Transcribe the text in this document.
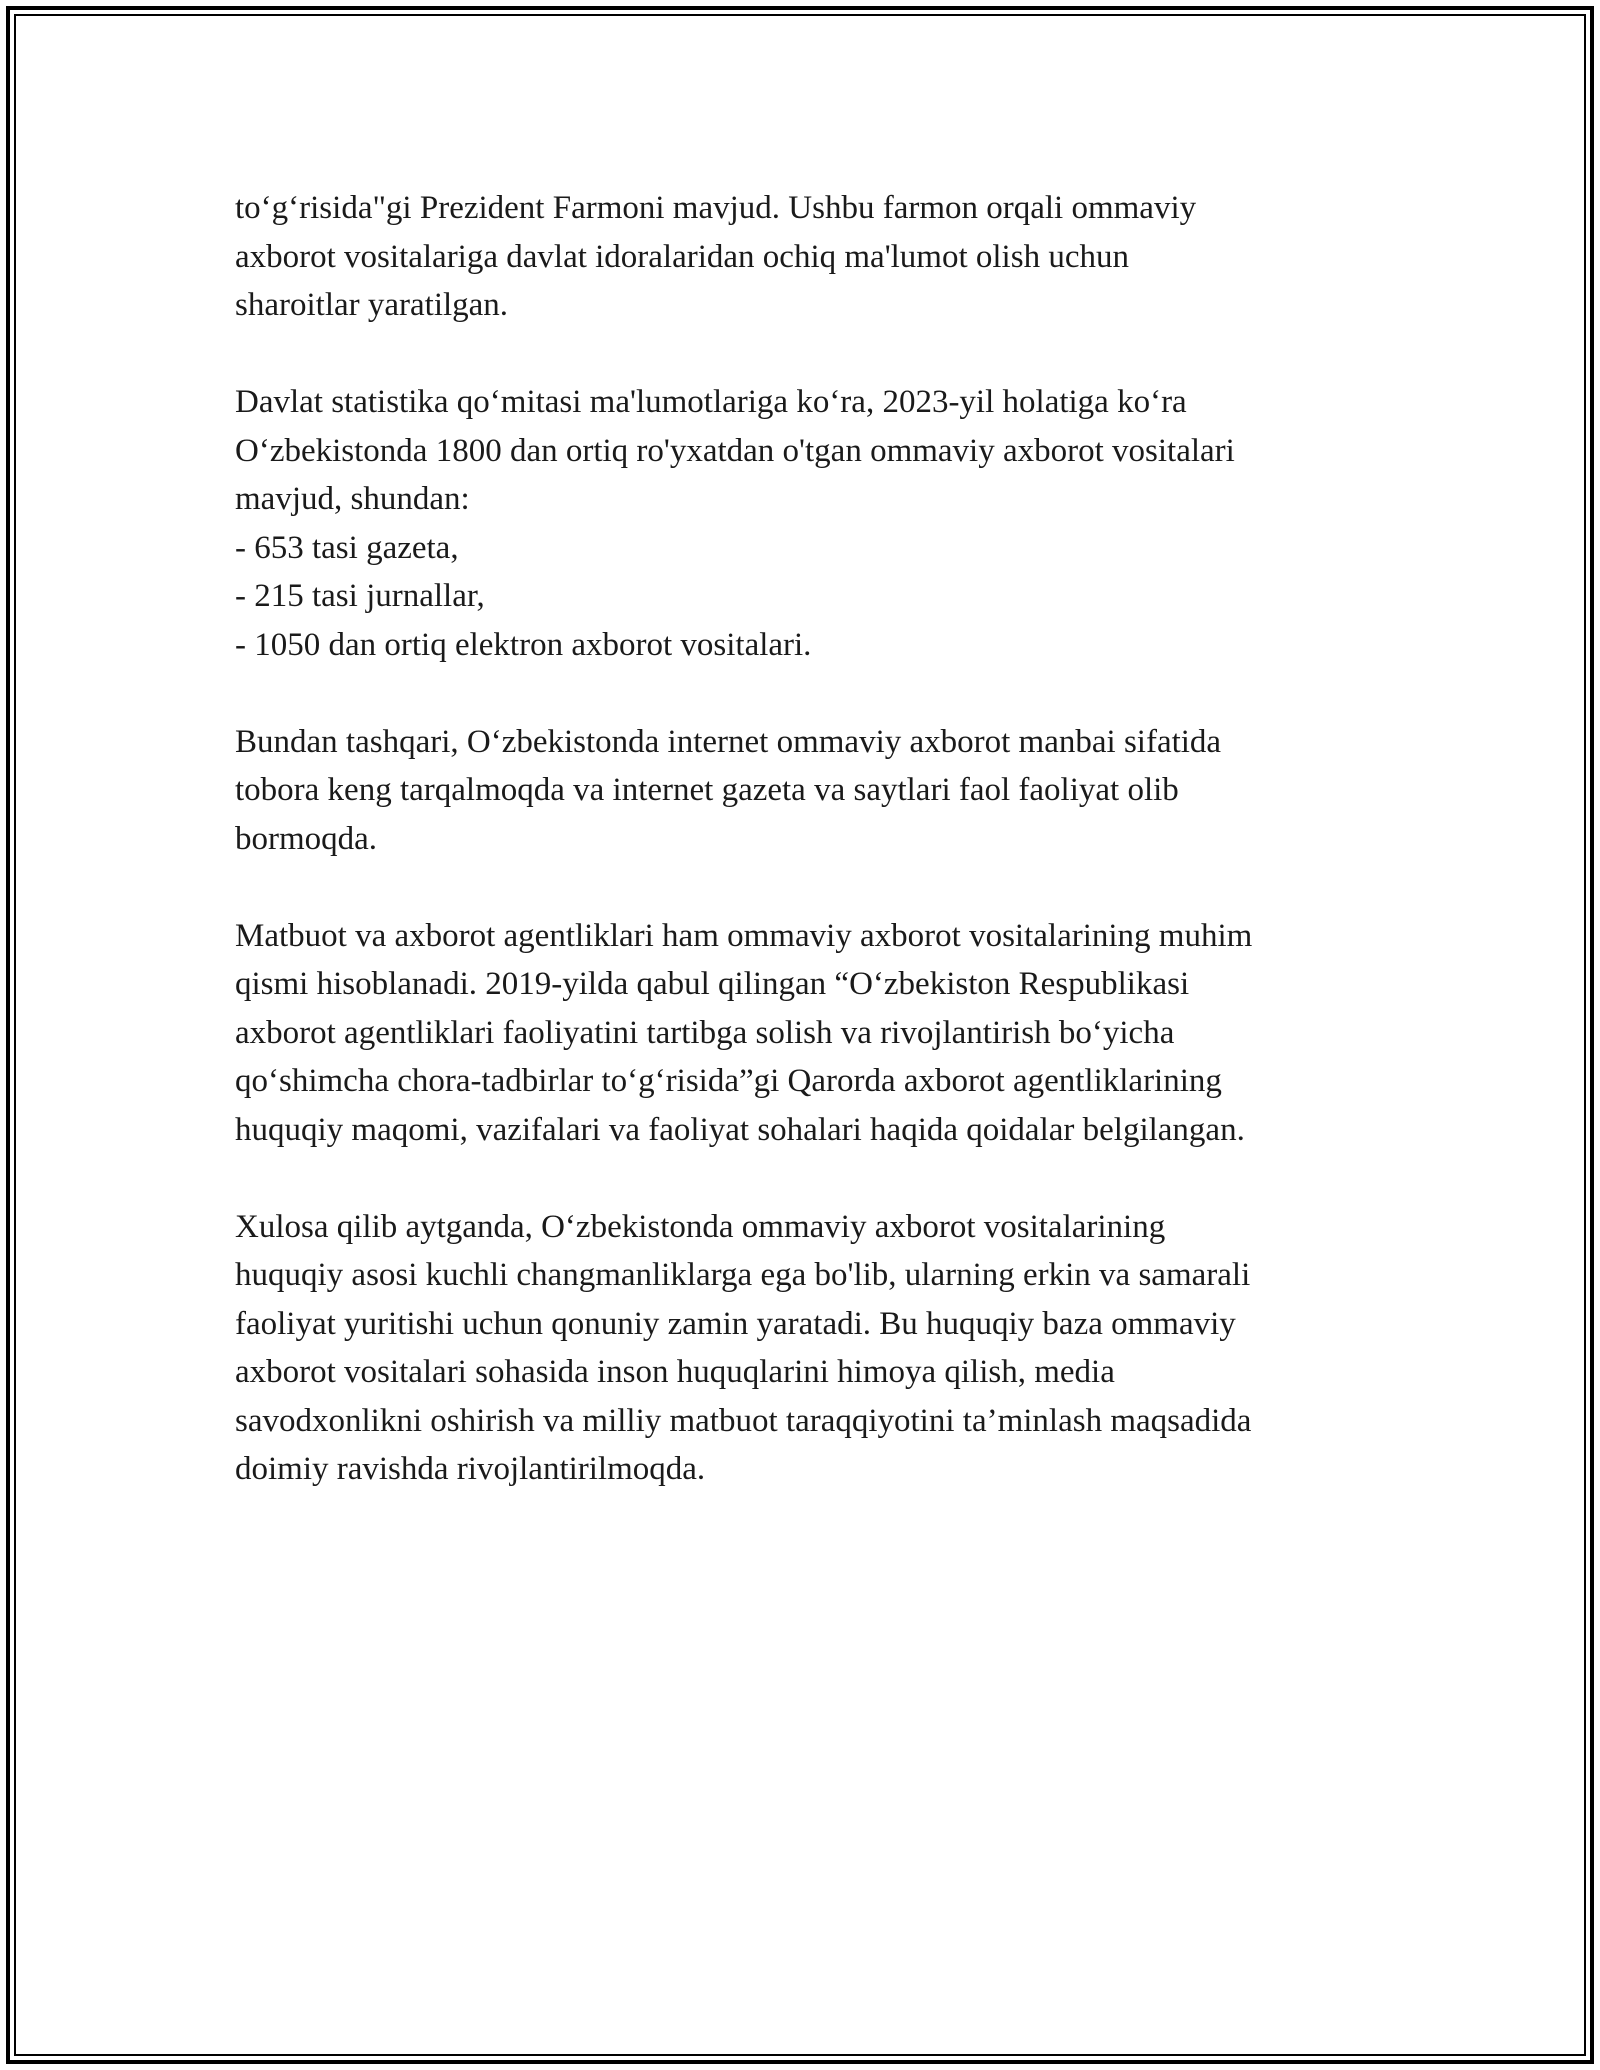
to‘g‘risida"gi Prezident Farmoni mavjud. Ushbu farmon orqali ommaviy
axborot vositalariga davlat idoralaridan ochiq ma'lumot olish uchun
sharoitlar yaratilgan.

Davlat statistika qo‘mitasi ma'lumotlariga ko‘ra, 2023-yil holatiga ko‘ra
O‘zbekistonda 1800 dan ortiq ro'yxatdan o'tgan ommaviy axborot vositalari
mavjud, shundan:
- 653 tasi gazeta,
- 215 tasi jurnallar,
- 1050 dan ortiq elektron axborot vositalari.

Bundan tashqari, O‘zbekistonda internet ommaviy axborot manbai sifatida
tobora keng tarqalmoqda va internet gazeta va saytlari faol faoliyat olib
bormoqda.

Matbuot va axborot agentliklari ham ommaviy axborot vositalarining muhim
qismi hisoblanadi. 2019-yilda qabul qilingan “O‘zbekiston Respublikasi
axborot agentliklari faoliyatini tartibga solish va rivojlantirish bo‘yicha
qo‘shimcha chora-tadbirlar to‘g‘risida”gi Qarorda axborot agentliklarining
huquqiy maqomi, vazifalari va faoliyat sohalari haqida qoidalar belgilangan.

Xulosa qilib aytganda, O‘zbekistonda ommaviy axborot vositalarining
huquqiy asosi kuchli changmanliklarga ega bo'lib, ularning erkin va samarali
faoliyat yuritishi uchun qonuniy zamin yaratadi. Bu huquqiy baza ommaviy
axborot vositalari sohasida inson huquqlarini himoya qilish, media
savodxonlikni oshirish va milliy matbuot taraqqiyotini ta’minlash maqsadida
doimiy ravishda rivojlantirilmoqda.
